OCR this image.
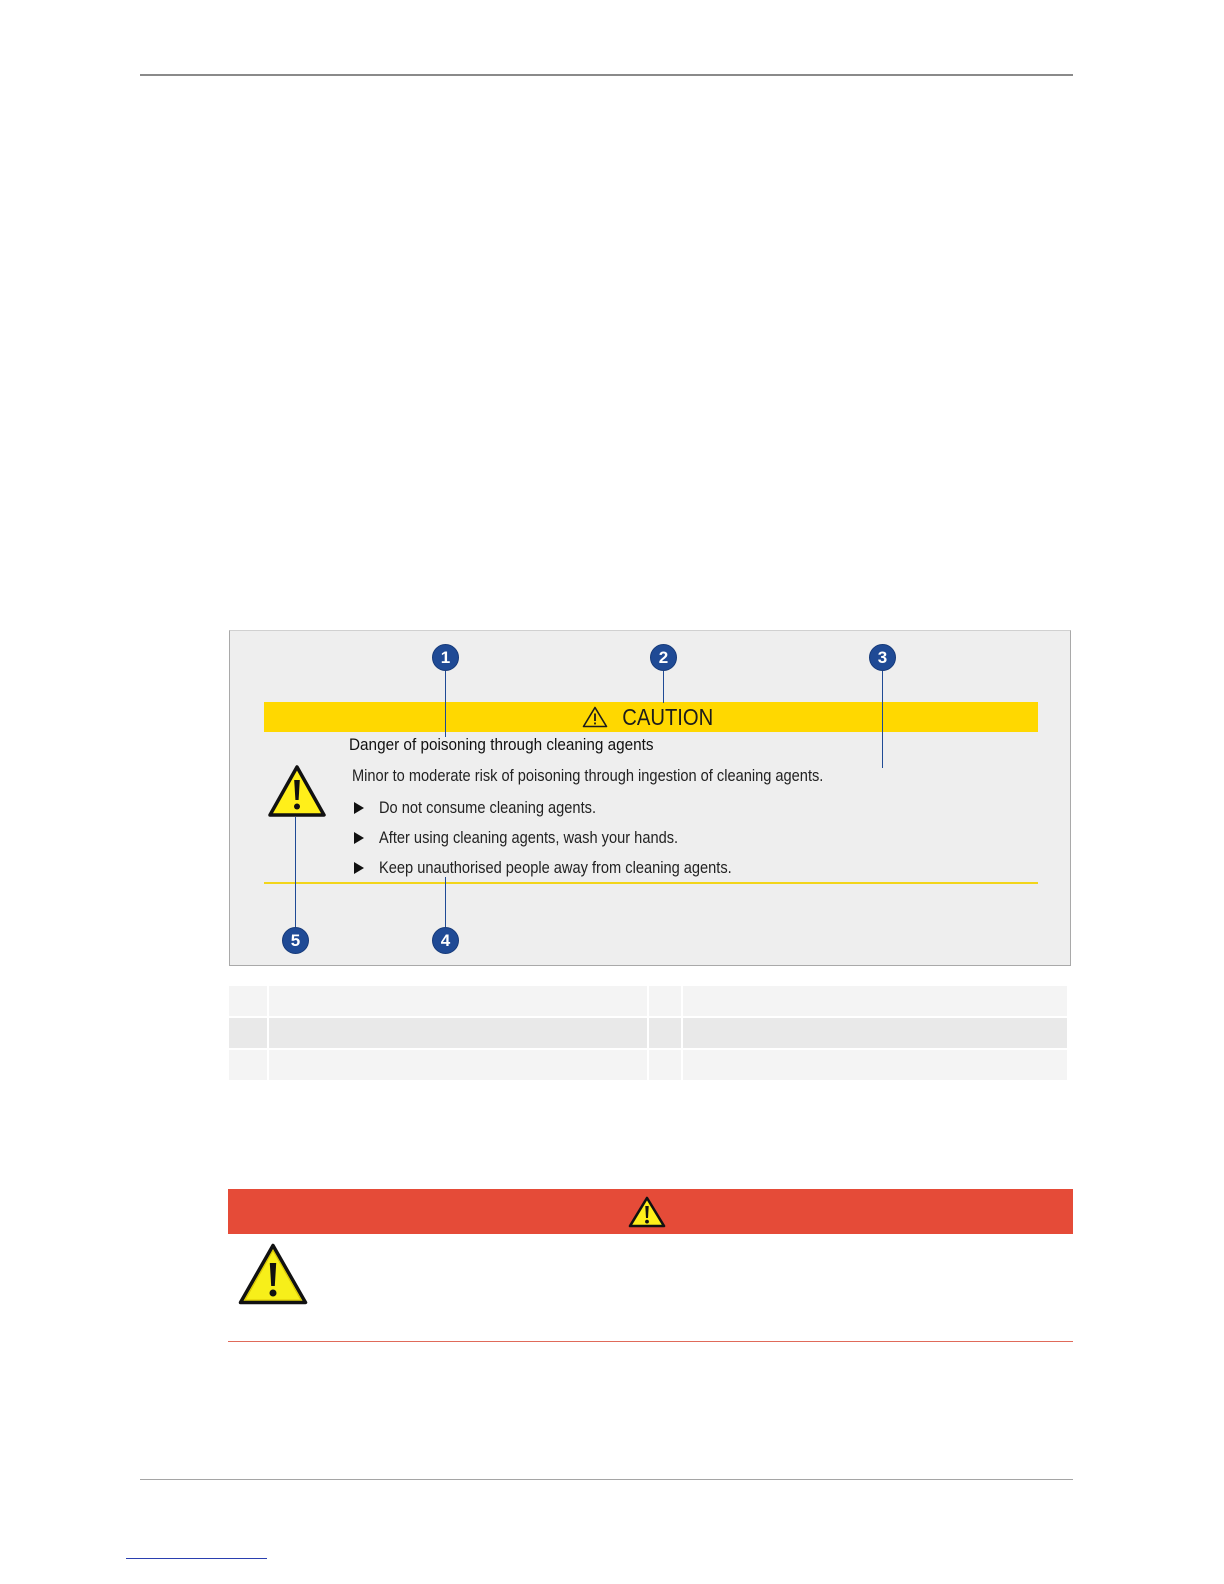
CAUTION
Danger of poisoning through cleaning agents
Minor to moderate risk of poisoning through ingestion of cleaning agents.
Do not consume cleaning agents.
After using cleaning agents, wash your hands.
Keep unauthorised people away from cleaning agents.
1	2	3
4
5
